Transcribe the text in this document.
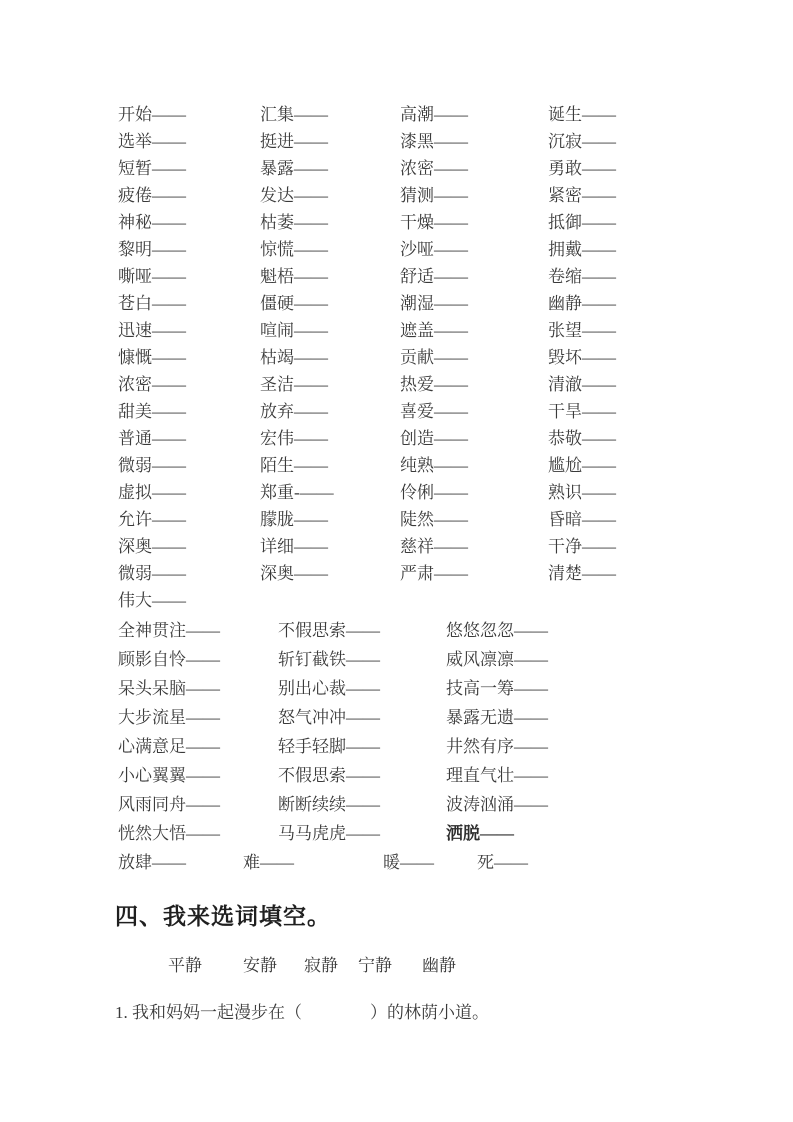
开始——	汇集——	高潮——	诞生——
选举——	挺进——	漆黑——	沉寂——
短暂——	暴露——	浓密——	勇敢——
疲倦——	发达——	猜测——	紧密——
神秘——	枯萎——	干燥——	抵御——
黎明——	惊慌——	沙哑——	拥戴——
嘶哑——	魁梧——	舒适——	卷缩——
苍白——	僵硬——	潮湿——	幽静——
迅速——	喧闹——	遮盖——	张望——
慷慨——	枯竭——	贡献——	毁坏——
浓密——	圣洁——	热爱——	清澈——
甜美——	放弃——	喜爱——	干旱——
普通——	宏伟——	创造——	恭敬——
微弱——	陌生——	纯熟——	尴尬——
虚拟——	郑重-——	伶俐——	熟识——
允许——	朦胧——	陡然——	昏暗——
深奥——	详细——	慈祥——	干净——
微弱——	深奥——	严肃——	清楚——
伟大——
全神贯注——	不假思索——	悠悠忽忽——
顾影自怜——	斩钉截铁——	威风凛凛——
呆头呆脑——	别出心裁——	技高一筹——
大步流星——	怒气冲冲——	暴露无遗——
心满意足——	轻手轻脚——	井然有序——
小心翼翼——	不假思索——	理直气壮——
风雨同舟——	断断续续——	波涛汹涌——
恍然大悟——	马马虎虎——	洒脱——
放肆——	难——	暖——	死——
四、我来选词填空。
平静 安静 寂静 宁静 幽静
1. 我和妈妈一起漫步在（　　　　）的林荫小道。
